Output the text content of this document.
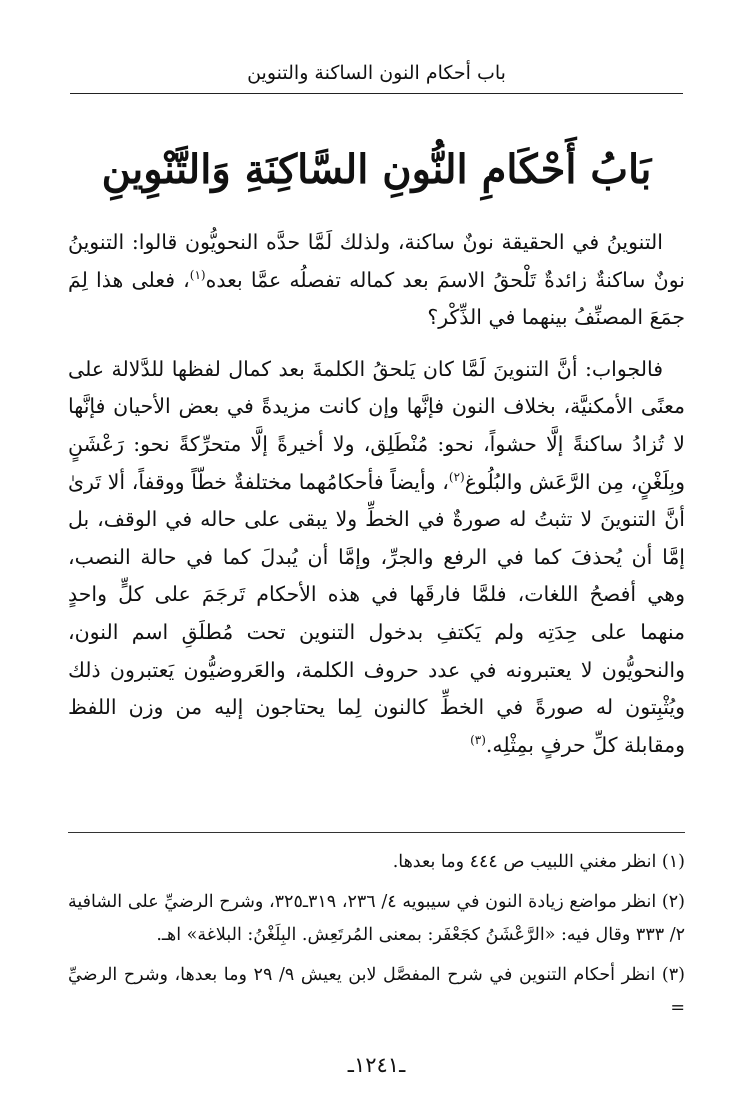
باب أحكام النون الساكنة والتنوين
بَابُ أَحْكَامِ النُّونِ السَّاكِنَةِ وَالتَّنْوِينِ

التنوينُ في الحقيقة نونٌ ساكنة، ولذلك لَمَّا حدَّه النحويُّون قالوا: التنوينُ نونٌ ساكنةٌ زائدةٌ تَلْحقُ الاسمَ بعد كماله تفصلُه عمَّا بعده$^{(١)}$، فعلى هذا لِمَ جمَعَ المصنِّفُ بينهما في الذِّكْر؟

فالجواب: أنَّ التنوينَ لَمَّا كان يَلحقُ الكلمةَ بعد كمال لفظها للدَّلالة على معنًى الأمكنيَّة، بخلاف النون فإنَّها وإن كانت مزيدةً في بعض الأحيان فإنَّها لا تُزادُ ساكنةً إلَّا حشواً، نحو: مُنْطَلِق، ولا أخيرةً إلَّا متحرِّكةً نحو: رَعْشَنٍ وبِلَغْنٍ، مِن الرَّعَش والبُلُوغ$^{(٢)}$، وأيضاً فأحكامُهما مختلفةٌ خطّاً ووقفاً، ألا تَرىٰ أنَّ التنوينَ لا تثبتُ له صورةٌ في الخطِّ ولا يبقى على حاله في الوقف، بل إمَّا أن يُحذفَ كما في الرفع والجرِّ، وإمَّا أن يُبدلَ كما في حالة النصب، وهي أفصحُ اللغات، فلمَّا فارقَها في هذه الأحكام تَرجَمَ على كلٍّ واحدٍ منهما على حِدَتِه ولم يَكتفِ بدخول التنوين تحت مُطلَقِ اسم النون، والنحويُّون لا يعتبرونه في عدد حروف الكلمة، والعَروضيُّون يَعتبرون ذلك ويُثْبِتون له صورةً في الخطِّ كالنون لِما يحتاجون إليه من وزن اللفظ ومقابلة كلِّ حرفٍ بمِثْلِه.$^{(٣)}$

(١) انظر مغني اللبيب ص ٤٤٤ وما بعدها.

(٢) انظر مواضع زيادة النون في سيبويه ٤/ ٢٣٦، ٣١٩ـ٣٢٥، وشرح الرضيِّ على الشافية ٢/ ٣٣٣ وقال فيه: «الرَّعْشَنُ كجَعْفَر: بمعنى المُرتَعِش. البِلَغْنُ: البلاغة» اهـ.

(٣) انظر أحكام التنوين في شرح المفصَّل لابن يعيش ٩/ ٢٩ وما بعدها، وشرح الرضيِّ =

ـ١٢٤١ـ
